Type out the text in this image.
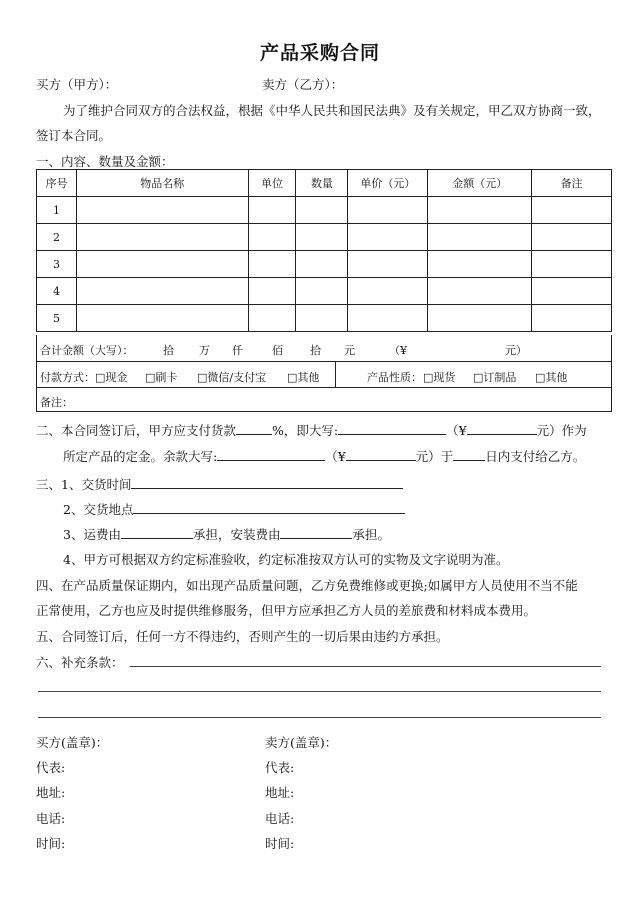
产品采购合同
买方（甲方）：	卖方（乙方）：
为了维护合同双方的合法权益，根据《中华人民共和国民法典》及有关规定，甲乙双方协商一致，
签订本合同。
一、内容、数量及金额：
序号	物品名称	单位	数量	单价（元）	金额（元）	备注
1						
2						
3						
4						
5						
合计金额（大写）：	拾 万 仟	佰 拾 元	（¥	元）
付款方式： □现金 □刷卡 □微信/支付宝 □其他	产品性质： □现货 □订制品 □其他
备注：
二、本合同签订后，甲方应支付货款	%，即大写:	（¥	元）作为
所定产品的定金。余款大写:	（¥	元）于	日内支付给乙方。
三、1、交货时间
2、交货地点
3、运费由	承担，安装费由	承担。
4、甲方可根据双方约定标准验收，约定标准按双方认可的实物及文字说明为准。
四、在产品质量保证期内，如出现产品质量问题，乙方免费维修或更换;如属甲方人员使用不当不能
正常使用，乙方也应及时提供维修服务，但甲方应承担乙方人员的差旅费和材料成本费用。
五、合同签订后，任何一方不得违约，否则产生的一切后果由违约方承担。
六、补充条款：
买方(盖章)：
代表:
地址:
电话:
时间:
卖方(盖章)：
代表:
地址:
电话:
时间:
